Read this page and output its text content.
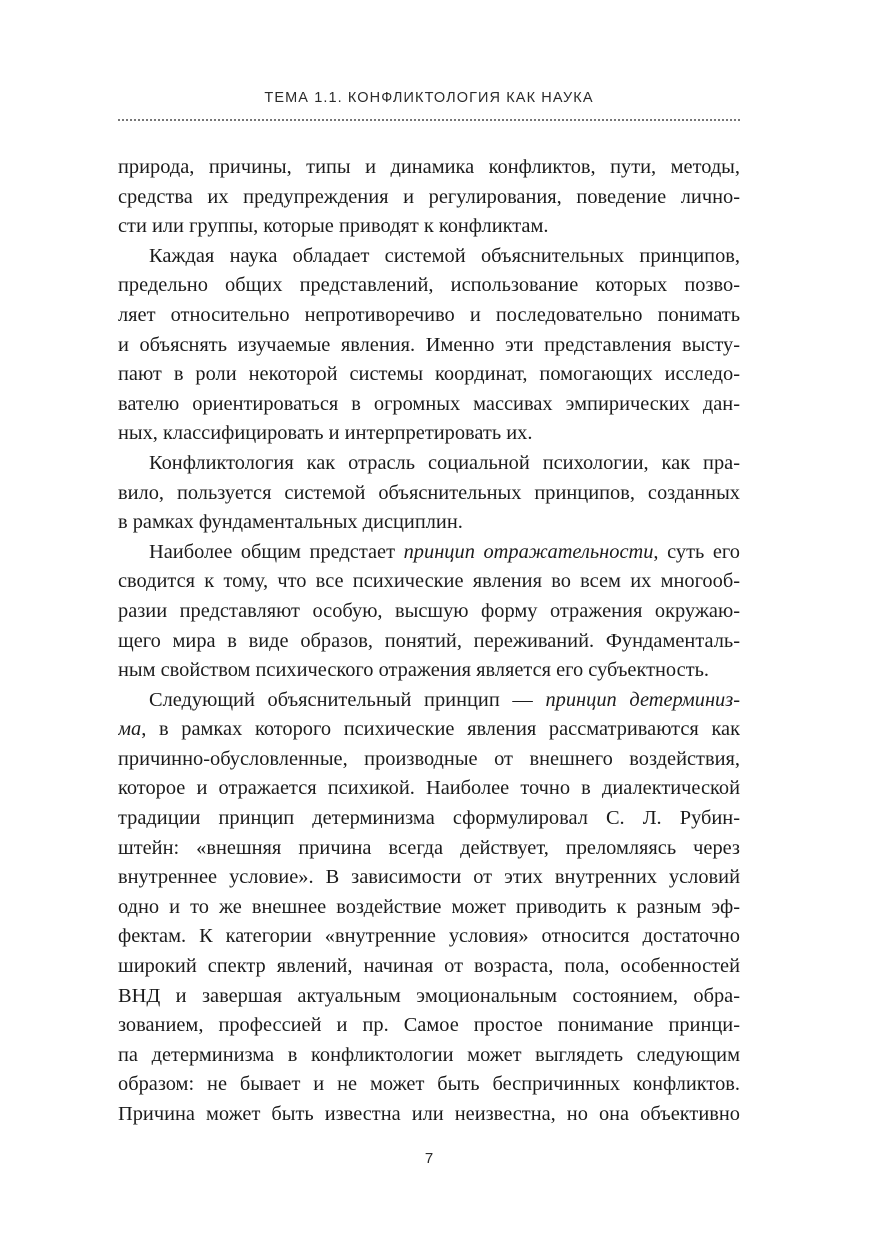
ТЕМА 1.1. КОНФЛИКТОЛОГИЯ КАК НАУКА

природа, причины, типы и динамика конфликтов, пути, методы,
средства их предупреждения и регулирования, поведение лично-
сти или группы, которые приводят к конфликтам.

Каждая наука обладает системой объяснительных принципов,
предельно общих представлений, использование которых позво-
ляет относительно непротиворечиво и последовательно понимать
и объяснять изучаемые явления. Именно эти представления высту-
пают в роли некоторой системы координат, помогающих исследо-
вателю ориентироваться в огромных массивах эмпирических дан-
ных, классифицировать и интерпретировать их.

Конфликтология как отрасль социальной психологии, как пра-
вило, пользуется системой объяснительных принципов, созданных
в рамках фундаментальных дисциплин.

Наиболее общим предстает принцип отражательности, суть его
сводится к тому, что все психические явления во всем их многооб-
разии представляют особую, высшую форму отражения окружаю-
щего мира в виде образов, понятий, переживаний. Фундаменталь-
ным свойством психического отражения является его субъектность.

Следующий объяснительный принцип — принцип детерминиз-
ма, в рамках которого психические явления рассматриваются как
причинно-обусловленные, производные от внешнего воздействия,
которое и отражается психикой. Наиболее точно в диалектической
традиции принцип детерминизма сформулировал С. Л. Рубин-
штейн: «внешняя причина всегда действует, преломляясь через
внутреннее условие». В зависимости от этих внутренних условий
одно и то же внешнее воздействие может приводить к разным эф-
фектам. К категории «внутренние условия» относится достаточно
широкий спектр явлений, начиная от возраста, пола, особенностей
ВНД и завершая актуальным эмоциональным состоянием, обра-
зованием, профессией и пр. Самое простое понимание принци-
па детерминизма в конфликтологии может выглядеть следующим
образом: не бывает и не может быть беспричинных конфликтов.
Причина может быть известна или неизвестна, но она объективно

7
